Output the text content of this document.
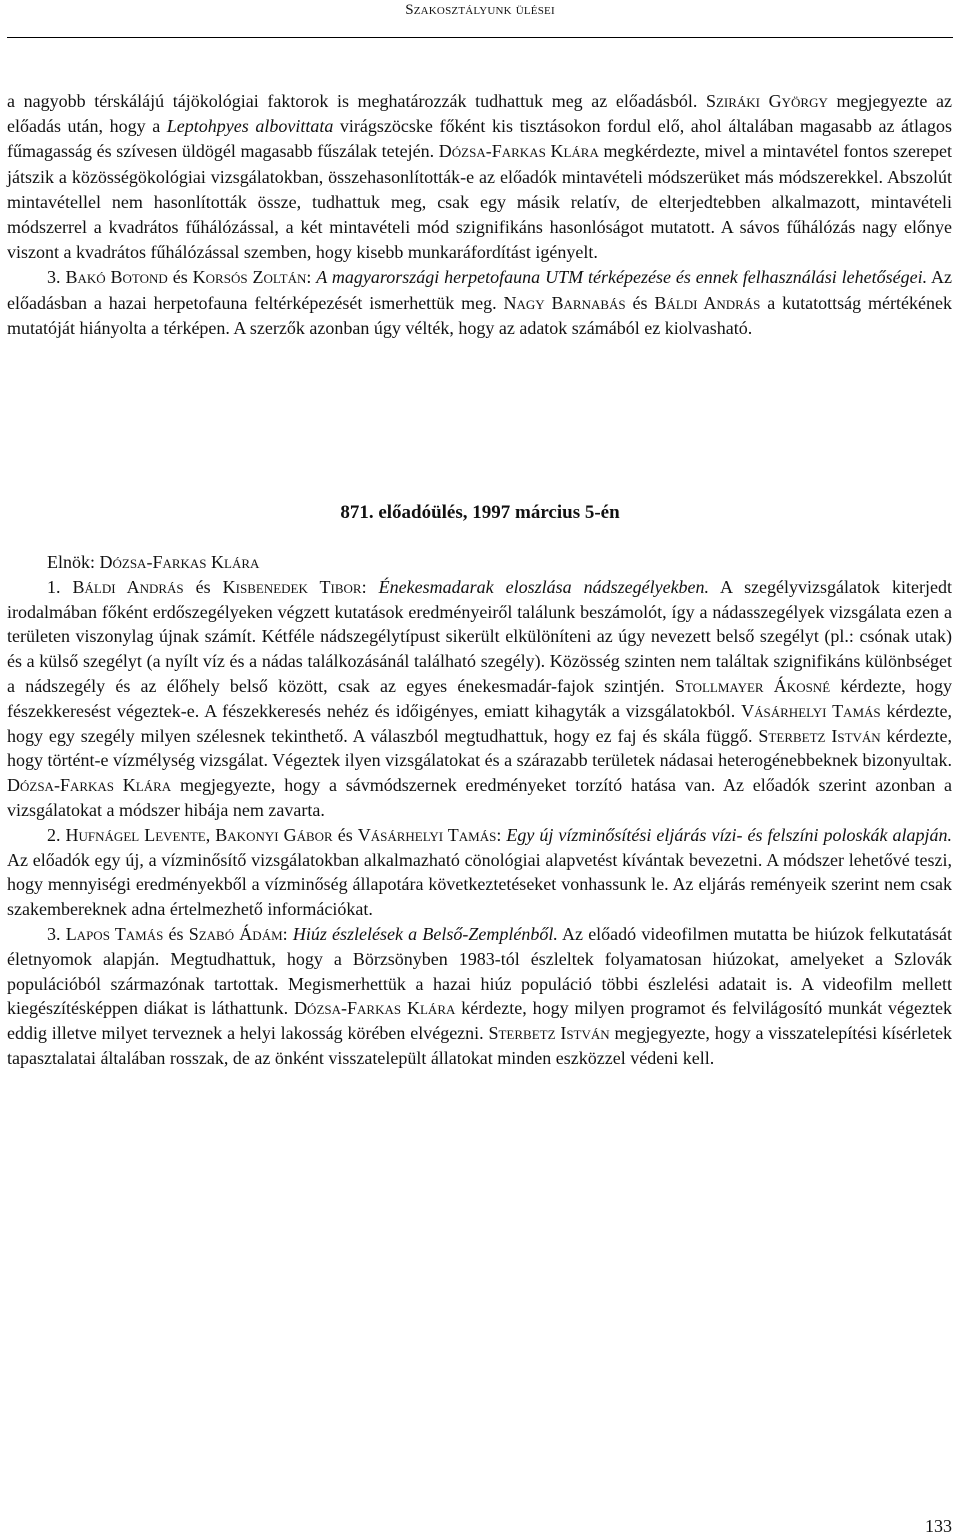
Szakosztályunk ülései

a nagyobb térskálájú tájökológiai faktorok is meghatározzák tudhattuk meg az előadásból. Sziráki György megjegyezte az előadás után, hogy a Leptohpyes albovittata virágszöcske főként kis tisztásokon fordul elő, ahol általában magasabb az átlagos fűmagasság és szívesen üldögél magasabb fűszálak tetején. Dózsa-Farkas Klára megkérdezte, mivel a mintavétel fontos szerepet játszik a közösségökológiai vizsgálatokban, összehasonlították-e az előadók mintavételi módszerüket más módszerekkel. Abszolút mintavétellel nem hasonlították össze, tudhattuk meg, csak egy másik relatív, de elterjedtebben alkalmazott, mintavételi módszerrel a kvadrátos fűhálózással, a két mintavételi mód szignifikáns hasonlóságot mutatott. A sávos fűhálózás nagy előnye viszont a kvadrátos fűhálózással szemben, hogy kisebb munkaráfordítást igényelt.

3. Bakó Botond és Korsós Zoltán: A magyarországi herpetofauna UTM térképezése és ennek felhasználási lehetőségei. Az előadásban a hazai herpetofauna feltérképezését ismerhettük meg. Nagy Barnabás és Báldi András a kutatottság mértékének mutatóját hiányolta a térképen. A szerzők azonban úgy vélték, hogy az adatok számából ez kiolvasható.

871. előadóülés, 1997 március 5-én

Elnök: Dózsa-Farkas Klára

1. Báldi András és Kisbenedek Tibor: Énekesmadarak eloszlása nádszegélyekben. A szegélyvizsgálatok kiterjedt irodalmában főként erdőszegélyeken végzett kutatások eredményeiről találunk beszámolót, így a nádasszegélyek vizsgálata ezen a területen viszonylag újnak számít. Kétféle nádszegélytípust sikerült elkülöníteni az úgy nevezett belső szegélyt (pl.: csónak utak) és a külső szegélyt (a nyílt víz és a nádas találkozásánál található szegély). Közösség szinten nem találtak szignifikáns különbséget a nádszegély és az élőhely belső között, csak az egyes énekesmadár-fajok szintjén. Stollmayer Ákosné kérdezte, hogy fészekkeresést végeztek-e. A fészekkeresés nehéz és időigényes, emiatt kihagyták a vizsgálatokból. Vásárhelyi Tamás kérdezte, hogy egy szegély milyen szélesnek tekinthető. A válaszból megtudhattuk, hogy ez faj és skála függő. Sterbetz István kérdezte, hogy történt-e vízmélység vizsgálat. Végeztek ilyen vizsgálatokat és a szárazabb területek nádasai heterogénebbeknek bizonyultak. Dózsa-Farkas Klára megjegyezte, hogy a sávmódszernek eredményeket torzító hatása van. Az előadók szerint azonban a vizsgálatokat a módszer hibája nem zavarta.

2. Hufnágel Levente, Bakonyi Gábor és Vásárhelyi Tamás: Egy új vízminősítési eljárás vízi- és felszíni poloskák alapján. Az előadók egy új, a vízminősítő vizsgálatokban alkalmazható cönológiai alapvetést kívántak bevezetni. A módszer lehetővé teszi, hogy mennyiségi eredményekből a vízminőség állapotára következtetéseket vonhassunk le. Az eljárás reményeik szerint nem csak szakembereknek adna értelmezhető információkat.

3. Lapos Tamás és Szabó Ádám: Hiúz észlelések a Belső-Zemplénből. Az előadó videofilmen mutatta be hiúzok felkutatását életnyomok alapján. Megtudhattuk, hogy a Börzsönyben 1983-tól észleltek folyamatosan hiúzokat, amelyeket a Szlovák populációból származónak tartottak. Megismerhettük a hazai hiúz populáció többi észlelési adatait is. A videofilm mellett kiegészítésképpen diákat is láthattunk. Dózsa-Farkas Klára kérdezte, hogy milyen programot és felvilágosító munkát végeztek eddig illetve milyet terveznek a helyi lakosság körében elvégezni. Sterbetz István megjegyezte, hogy a visszatelepítési kísérletek tapasztalatai általában rosszak, de az önként visszatelepült állatokat minden eszközzel védeni kell.

133
